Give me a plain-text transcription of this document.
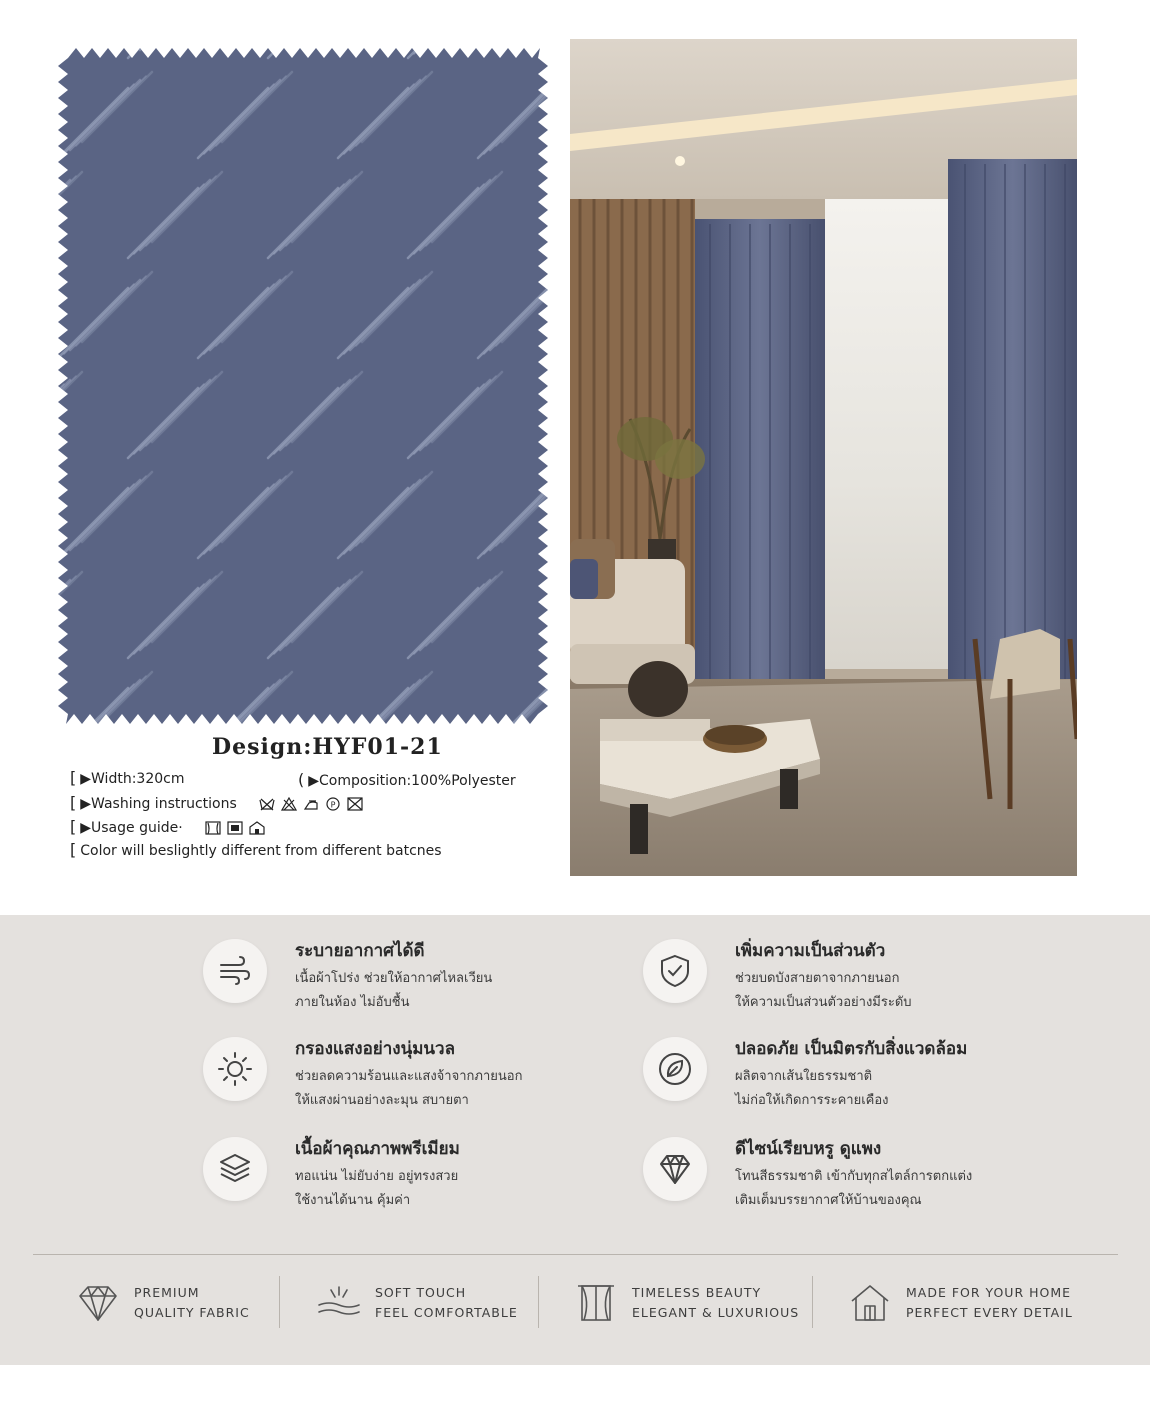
Design:HYF01-21
[ ▶Width:320cm	( ▶Composition:100%Polyester
[ ▶Washing instructions	P
[ ▶Usage guide·
[ Color will beslightly different from different batcnes
ระบายอากาศได้ดี
เนื้อผ้าโปร่ง ช่วยให้อากาศไหลเวียน
ภายในห้อง ไม่อับชื้น
เพิ่มความเป็นส่วนตัว
ช่วยบดบังสายตาจากภายนอก
ให้ความเป็นส่วนตัวอย่างมีระดับ
กรองแสงอย่างนุ่มนวล
ช่วยลดความร้อนและแสงจ้าจากภายนอก
ให้แสงผ่านอย่างละมุน สบายตา
ปลอดภัย เป็นมิตรกับสิ่งแวดล้อม
ผลิตจากเส้นใยธรรมชาติ
ไม่ก่อให้เกิดการระคายเคือง
เนื้อผ้าคุณภาพพรีเมียม
ทอแน่น ไม่ยับง่าย อยู่ทรงสวย
ใช้งานได้นาน คุ้มค่า
ดีไซน์เรียบหรู ดูแพง
โทนสีธรรมชาติ เข้ากับทุกสไตล์การตกแต่ง
เติมเต็มบรรยากาศให้บ้านของคุณ
PREMIUM
QUALITY FABRIC
SOFT TOUCH
FEEL COMFORTABLE
TIMELESS BEAUTY
ELEGANT & LUXURIOUS
MADE FOR YOUR HOME
PERFECT EVERY DETAIL
